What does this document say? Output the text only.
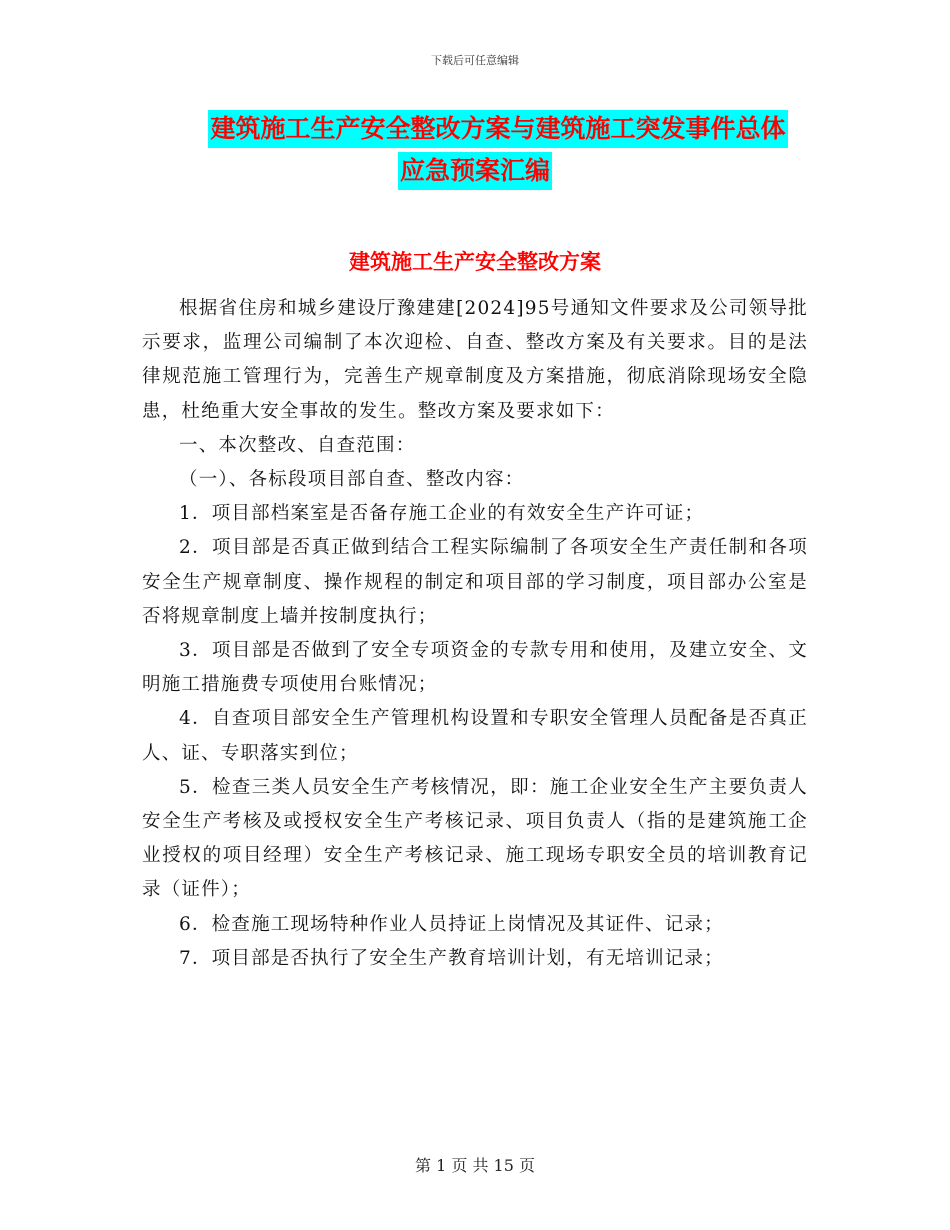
下载后可任意编辑
建筑施工生产安全整改方案与建筑施工突发事件总体
应急预案汇编
建筑施工生产安全整改方案

根据省住房和城乡建设厅豫建建[2024]95号通知文件要求及公司领导批示要求，监理公司编制了本次迎检、自查、整改方案及有关要求。目的是法律规范施工管理行为，完善生产规章制度及方案措施，彻底消除现场安全隐患，杜绝重大安全事故的发生。整改方案及要求如下：

一、本次整改、自查范围：

（一）、各标段项目部自查、整改内容：

1．项目部档案室是否备存施工企业的有效安全生产许可证；

2．项目部是否真正做到结合工程实际编制了各项安全生产责任制和各项安全生产规章制度、操作规程的制定和项目部的学习制度，项目部办公室是否将规章制度上墙并按制度执行；

3．项目部是否做到了安全专项资金的专款专用和使用，及建立安全、文明施工措施费专项使用台账情况；

4．自查项目部安全生产管理机构设置和专职安全管理人员配备是否真正人、证、专职落实到位；

5．检查三类人员安全生产考核情况，即：施工企业安全生产主要负责人安全生产考核及或授权安全生产考核记录、项目负责人（指的是建筑施工企业授权的项目经理）安全生产考核记录、施工现场专职安全员的培训教育记录（证件）；

6．检查施工现场特种作业人员持证上岗情况及其证件、记录；

7．项目部是否执行了安全生产教育培训计划，有无培训记录；

第 1 页 共 15 页
